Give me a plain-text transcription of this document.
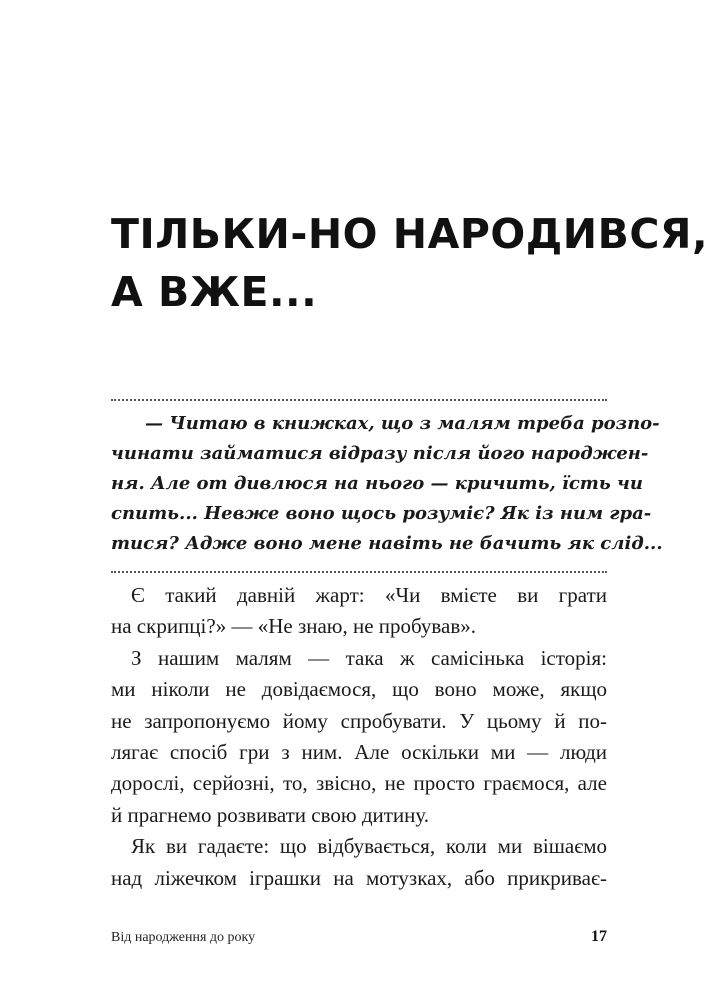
ТІЛЬКИ-НО НАРОДИВСЯ,
А ВЖЕ...

— Читаю в книжках, що з малям треба розпо-
чинати займатися відразу після його народжен-
ня. Але от дивлюся на нього — кричить, їсть чи
спить... Невже воно щось розуміє? Як із ним гра-
тися? Адже воно мене навіть не бачить як слід...

Є такий давній жарт: «Чи вмієте ви грати
на скрипці?» — «Не знаю, не пробував».
З нашим малям — така ж самісінька історія:
ми ніколи не довідаємося, що воно може, якщо
не запропонуємо йому спробувати. У цьому й по-
лягає спосіб гри з ним. Але оскільки ми — люди
дорослі, серйозні, то, звісно, не просто граємося, але
й прагнемо розвивати свою дитину.
Як ви гадаєте: що відбувається, коли ми вішаємо
над ліжечком іграшки на мотузках, або прикриває-
Від народження до року	17
